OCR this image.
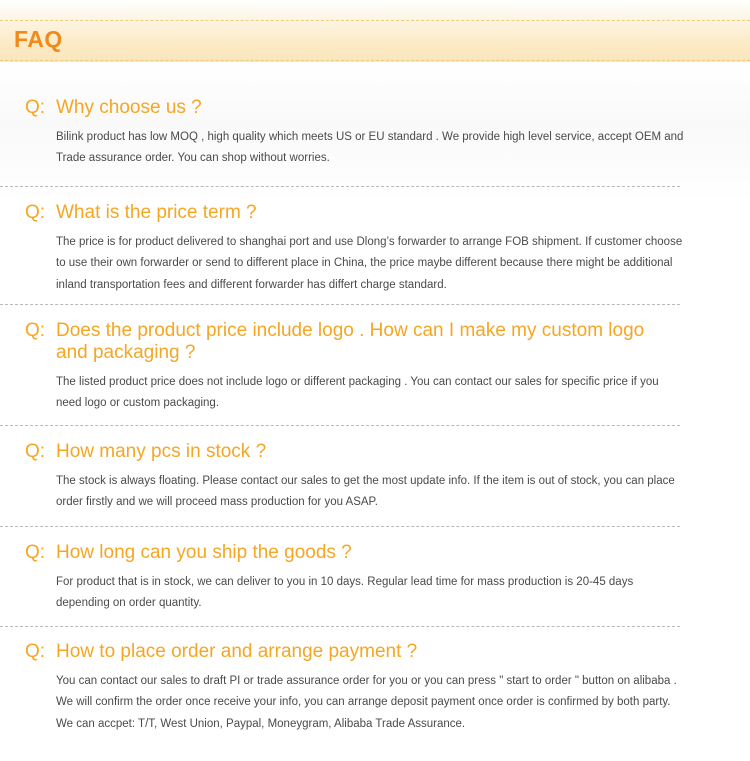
FAQ
Q: Why choose us ?
Bilink product has low MOQ , high quality which meets US or EU standard . We provide high level service, accept OEM and Trade assurance order. You can shop without worries.
Q: What is the price term ?
The price is for product delivered to shanghai port and use Dlong’s forwarder to arrange FOB shipment. If customer choose to use their own forwarder or send to different place in China, the price maybe different because there might be additional inland transportation fees and different forwarder has differt charge standard.
Q: Does the product price include logo . How can I make my custom logo and packaging ?
The listed product price does not include logo or different packaging . You can contact our sales for specific price if you need logo or custom packaging.
Q: How many pcs in stock ?
The stock is always floating. Please contact our sales to get the most update info. If the item is out of stock, you can place order firstly and we will proceed mass production for you ASAP.
Q: How long can you ship the goods ?
For product that is in stock, we can deliver to you in 10 days. Regular lead time for mass production is 20-45 days depending on order quantity.
Q: How to place order and arrange payment ?
You can contact our sales to draft PI or trade assurance order for you or you can press " start to order " button on alibaba . We will confirm the order once receive your info, you can arrange deposit payment once order is confirmed by both party. We can accpet: T/T, West Union, Paypal, Moneygram, Alibaba Trade Assurance.
